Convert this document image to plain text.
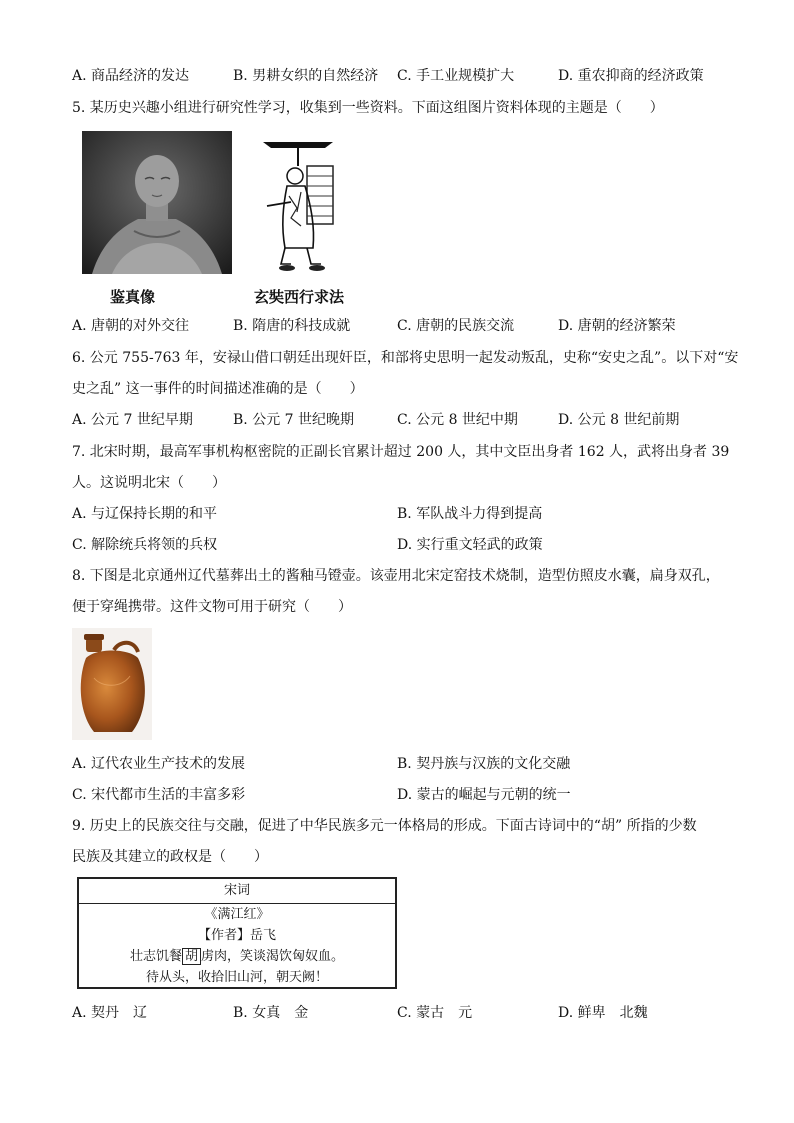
A. 商品经济的发达	B. 男耕女织的自然经济 C. 手工业规模扩大	D. 重农抑商的经济政策
5. 某历史兴趣小组进行研究性学习，收集到一些资料。下面这组图片资料体现的主题是（　　）
鉴真像	玄奘西行求法
A. 唐朝的对外交往	B. 隋唐的科技成就	C. 唐朝的民族交流	D. 唐朝的经济繁荣
6. 公元 755-763 年，安禄山借口朝廷出现奸臣，和部将史思明一起发动叛乱，史称“安史之乱”。以下对“安
史之乱” 这一事件的时间描述准确的是（　　）
A. 公元 7 世纪早期	B. 公元 7 世纪晚期	C. 公元 8 世纪中期	D. 公元 8 世纪前期
7. 北宋时期，最高军事机构枢密院的正副长官累计超过 200 人，其中文臣出身者 162 人，武将出身者 39
人。这说明北宋（　　）
A. 与辽保持长期的和平	B. 军队战斗力得到提高
C. 解除统兵将领的兵权	D. 实行重文轻武的政策
8. 下图是北京通州辽代墓葬出土的酱釉马镫壶。该壶用北宋定窑技术烧制，造型仿照皮水囊，扁身双孔，
便于穿绳携带。这件文物可用于研究（　　）
A. 辽代农业生产技术的发展	B. 契丹族与汉族的文化交融
C. 宋代都市生活的丰富多彩	D. 蒙古的崛起与元朝的统一
9. 历史上的民族交往与交融，促进了中华民族多元一体格局的形成。下面古诗词中的“胡” 所指的少数
民族及其建立的政权是（　　）
宋词
《满江红》
【作者】岳飞
壮志饥餐 胡 虏肉，笑谈渴饮匈奴血。
待从头，收拾旧山河，朝天阙！
A. 契丹　辽	B. 女真　金	C. 蒙古　元	D. 鲜卑　北魏
